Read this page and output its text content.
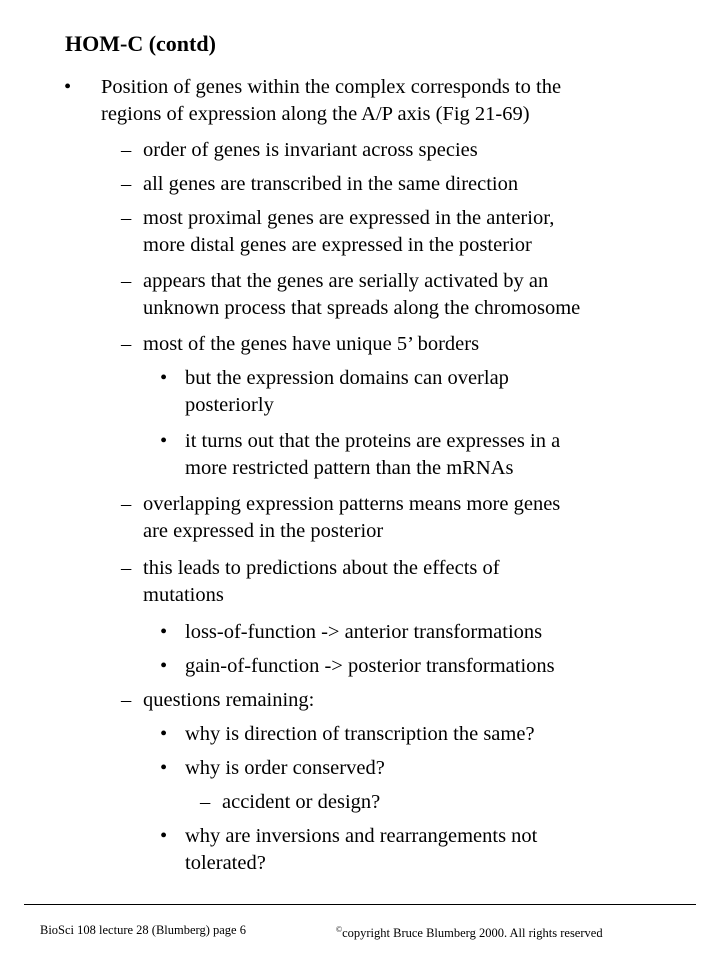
HOM-C (contd)
• Position of genes within the complex corresponds to the
regions of expression along the A/P axis (Fig 21-69)
– order of genes is invariant across species
– all genes are transcribed in the same direction
– most proximal genes are expressed in the anterior,
more distal genes are expressed in the posterior
– appears that the genes are serially activated by an
unknown process that spreads along the chromosome
– most of the genes have unique 5’ borders
• but the expression domains can overlap
posteriorly
• it turns out that the proteins are expresses in a
more restricted pattern than the mRNAs
– overlapping expression patterns means more genes
are expressed in the posterior
– this leads to predictions about the effects of
mutations
• loss-of-function -> anterior transformations
• gain-of-function -> posterior transformations
– questions remaining:
• why is direction of transcription the same?
• why is order conserved?
– accident or design?
• why are inversions and rearrangements not
tolerated?
BioSci 108 lecture 28 (Blumberg) page 6	©copyright Bruce Blumberg 2000. All rights reserved
